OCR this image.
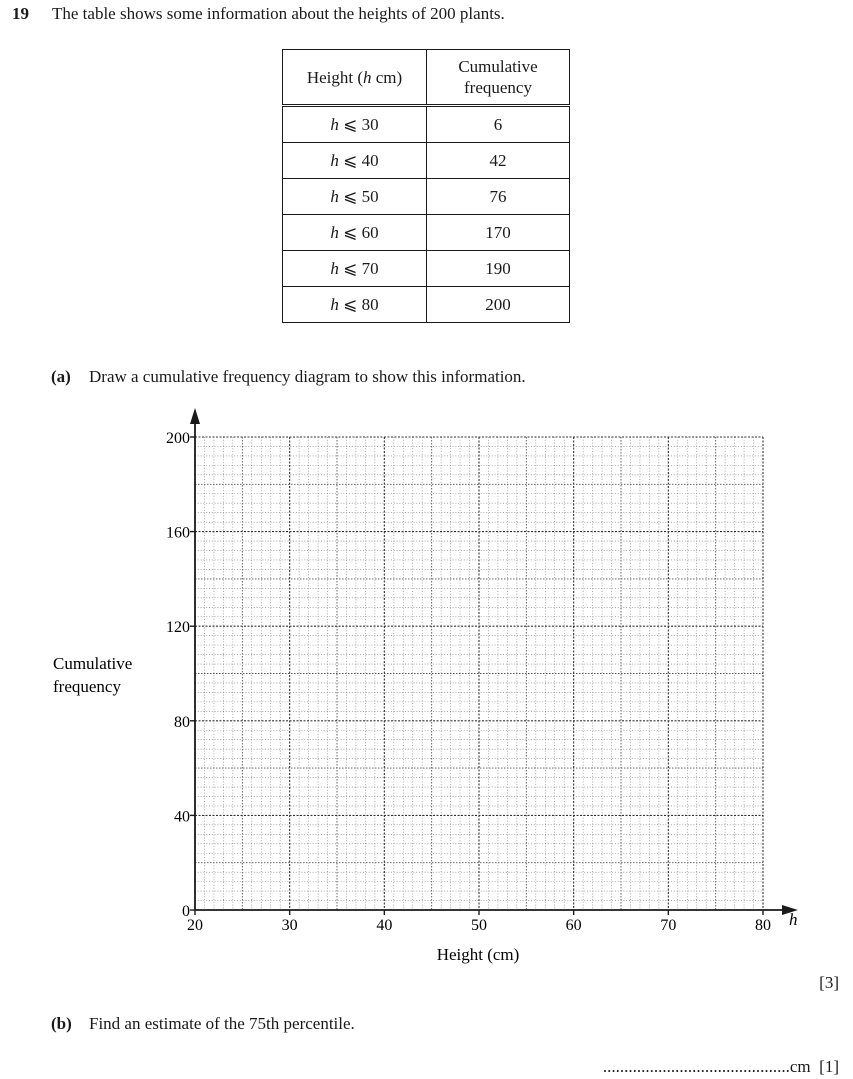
19 The table shows some information about the heights of 200 plants.
Height (h cm)	Cumulative
frequency
h ⩽ 30	6
h ⩽ 40	42
h ⩽ 50	76
h ⩽ 60	170
h ⩽ 70	190
h ⩽ 80	200
(a) Draw a cumulative frequency diagram to show this information.
0
40
80
120
160
200
20	30	40	50	60	70	80
Cumulative
frequency
Height (cm)
h
[3]
(b) Find an estimate of the 75th percentile.
............................................cm [1]
